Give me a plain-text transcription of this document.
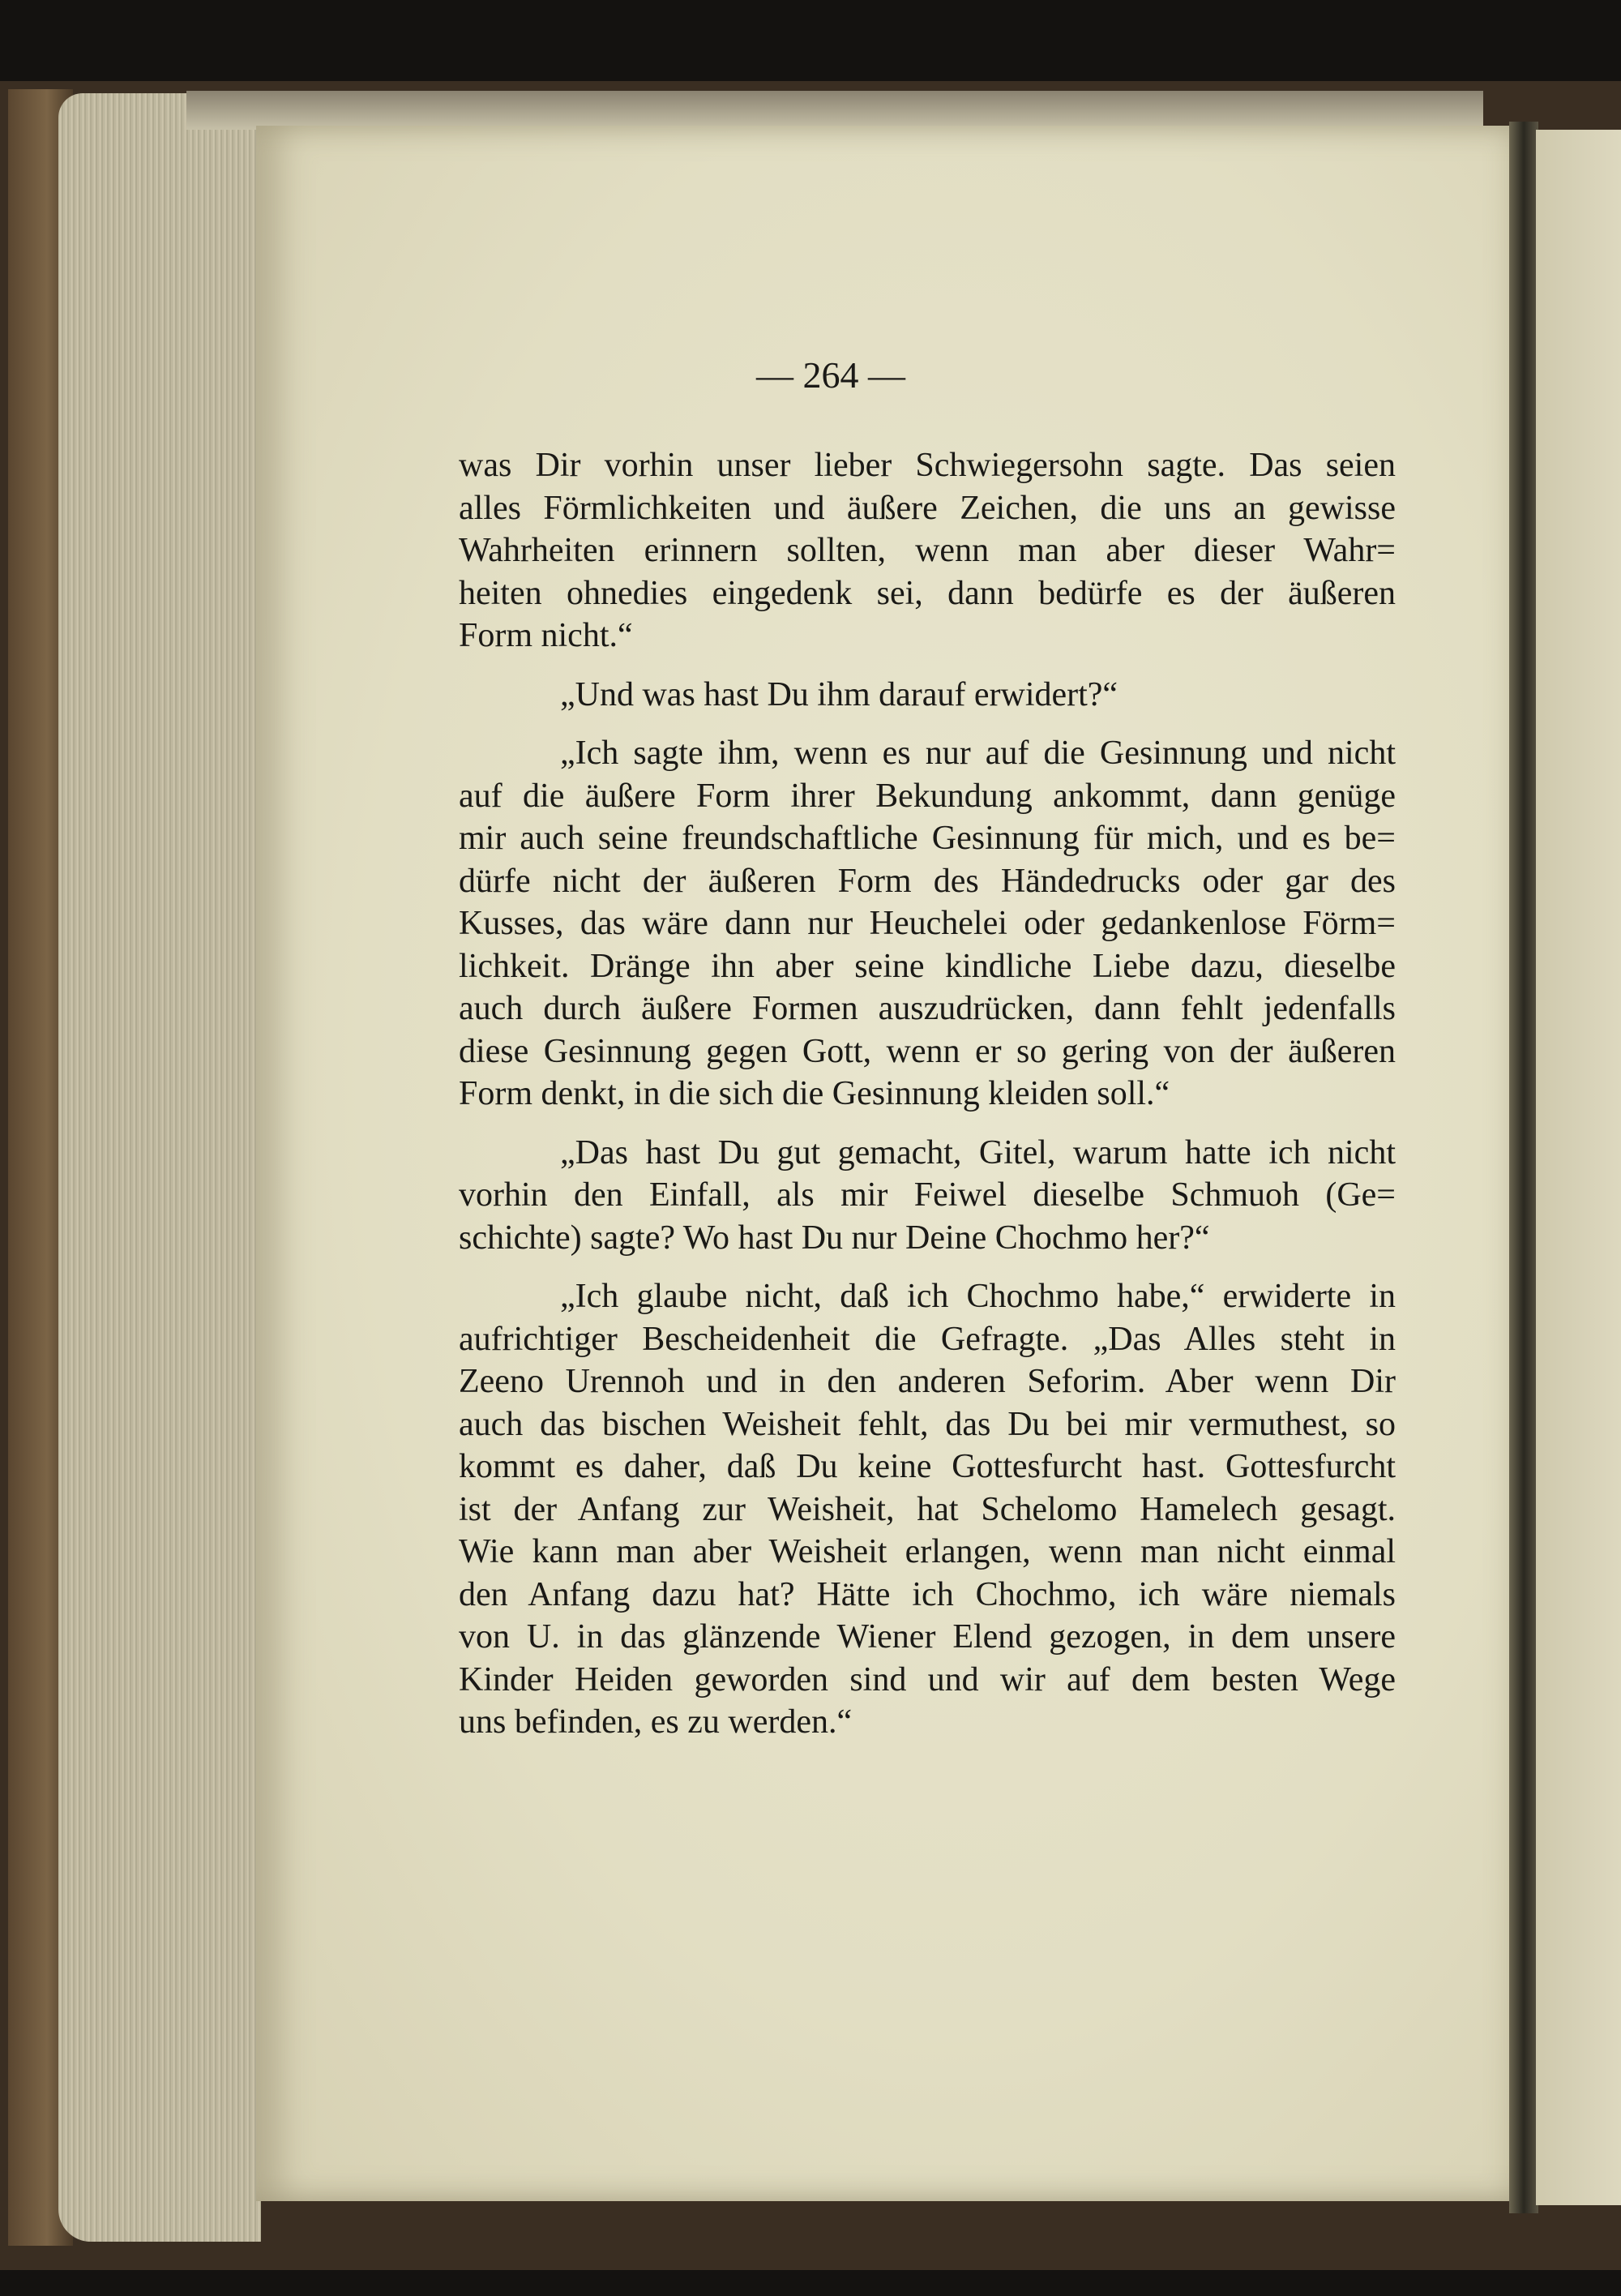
— 264 —
was Dir vorhin unser lieber Schwiegersohn sagte. Das seien
alles Förmlichkeiten und äußere Zeichen, die uns an gewisse
Wahrheiten erinnern sollten, wenn man aber dieser Wahr=
heiten ohnedies eingedenk sei, dann bedürfe es der äußeren
Form nicht.“
„Und was hast Du ihm darauf erwidert?“
„Ich sagte ihm, wenn es nur auf die Gesinnung und nicht
auf die äußere Form ihrer Bekundung ankommt, dann genüge
mir auch seine freundschaftliche Gesinnung für mich, und es be=
dürfe nicht der äußeren Form des Händedrucks oder gar des
Kusses, das wäre dann nur Heuchelei oder gedankenlose Förm=
lichkeit. Dränge ihn aber seine kindliche Liebe dazu, dieselbe
auch durch äußere Formen auszudrücken, dann fehlt jedenfalls
diese Gesinnung gegen Gott, wenn er so gering von der äußeren
Form denkt, in die sich die Gesinnung kleiden soll.“
„Das hast Du gut gemacht, Gitel, warum hatte ich nicht
vorhin den Einfall, als mir Feiwel dieselbe Schmuoh (Ge=
schichte) sagte? Wo hast Du nur Deine Chochmo her?“
„Ich glaube nicht, daß ich Chochmo habe,“ erwiderte in
aufrichtiger Bescheidenheit die Gefragte. „Das Alles steht in
Zeeno Urennoh und in den anderen Seforim. Aber wenn Dir
auch das bischen Weisheit fehlt, das Du bei mir vermuthest, so
kommt es daher, daß Du keine Gottesfurcht hast. Gottesfurcht
ist der Anfang zur Weisheit, hat Schelomo Hamelech gesagt.
Wie kann man aber Weisheit erlangen, wenn man nicht einmal
den Anfang dazu hat? Hätte ich Chochmo, ich wäre niemals
von U. in das glänzende Wiener Elend gezogen, in dem unsere
Kinder Heiden geworden sind und wir auf dem besten Wege
uns befinden, es zu werden.“
